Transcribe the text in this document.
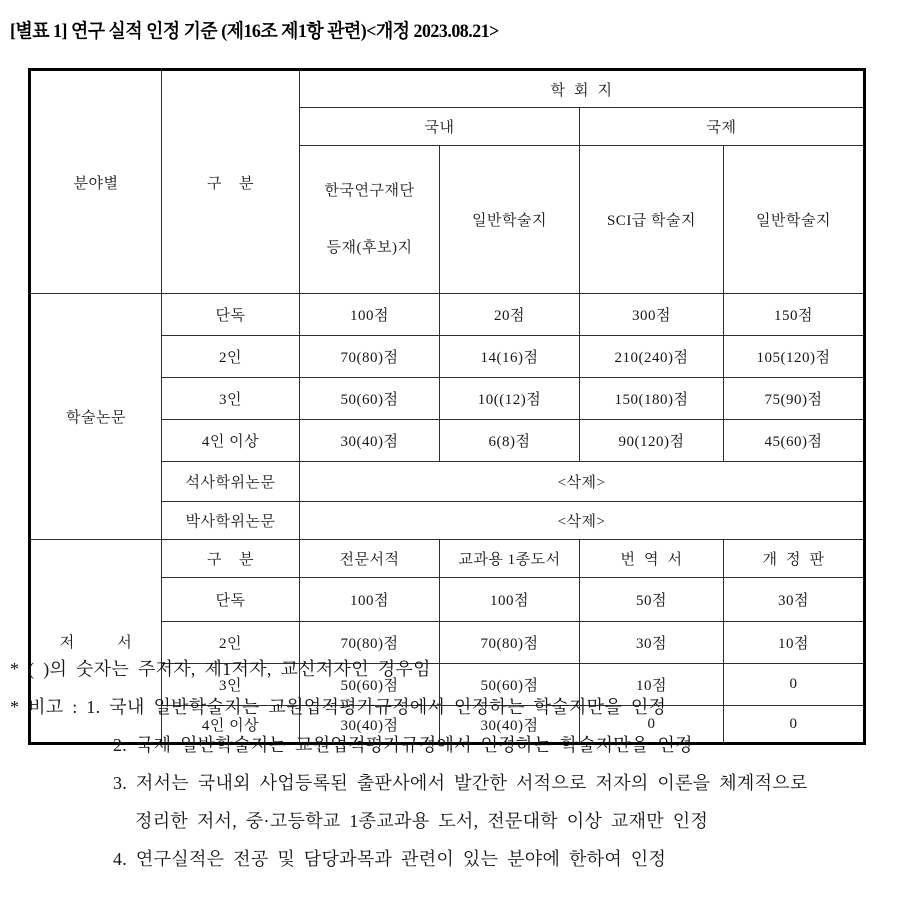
[별표 1] 연구 실적 인정 기준 (제16조 제1항 관련)<개정 2023.08.21>
분야별	구    분	학  회  지			
		국내		국제	

		한국연구재단

등재(후보)지	일반학술지	SCI급 학술지	일반학술지
학술논문	단독	100점	20점	300점	150점
	2인	70(80)점	14(16)점	210(240)점	105(120)점
	3인	50(60)점	10((12)점	150(180)점	75(90)점
	4인 이상	30(40)점	6(8)점	90(120)점	45(60)점
	석사학위논문	<삭제>			
	박사학위논문	<삭제>			
저          서	구    분	전문서적	교과용 1종도서	번  역  서	개  정  판
	단독	100점	100점	50점	30점
	2인	70(80)점	70(80)점	30점	10점
	3인	50(60)점	50(60)점	10점	0
	4인 이상	30(40)점	30(40)점	0	0
* ( )의 숫자는 주저자, 제1저자, 교신저자인 경우임
* 비고 : 1. 국내 일반학술지는 교원업적평가규정에서 인정하는 학술지만을 인정
2. 국제 일반학술지는 교원업적평가규정에서 인정하는 학술지만을 인정
3. 저서는 국내외 사업등록된 출판사에서 발간한 서적으로 저자의 이론을 체계적으로
정리한 저서, 중·고등학교 1종교과용 도서, 전문대학 이상 교재만 인정
4. 연구실적은 전공 및 담당과목과 관련이 있는 분야에 한하여 인정
